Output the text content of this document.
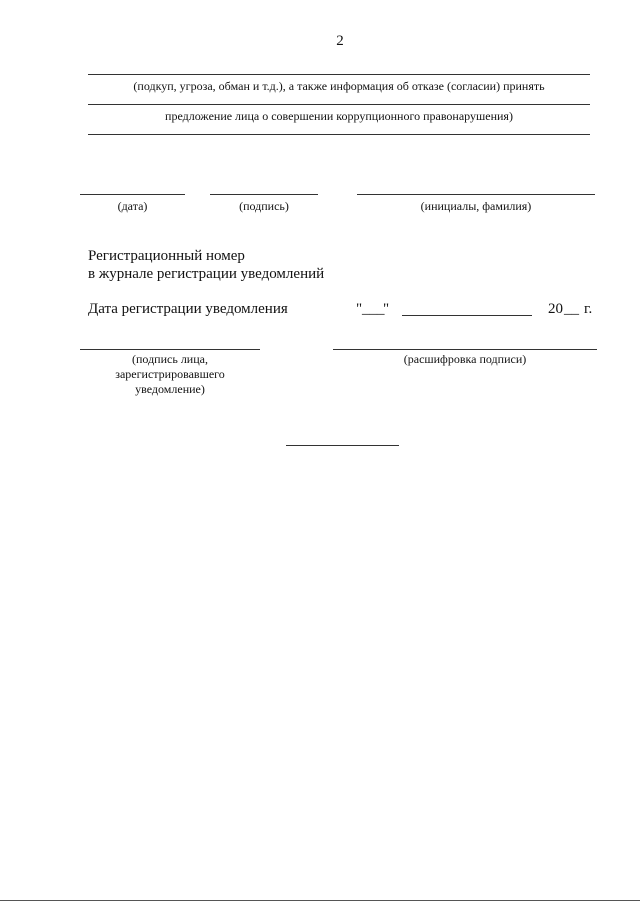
2
(подкуп, угроза, обман и т.д.), а также информация об отказе (согласии) принять
предложение лица о совершении коррупционного правонарушения)
(дата)	(подпись)	(инициалы, фамилия)
Регистрационный номер
в журнале регистрации уведомлений
Дата регистрации уведомления	" ___
"	20 __ г.
(подпись лица,
зарегистрировавшего
уведомление)
(расшифровка подписи)
